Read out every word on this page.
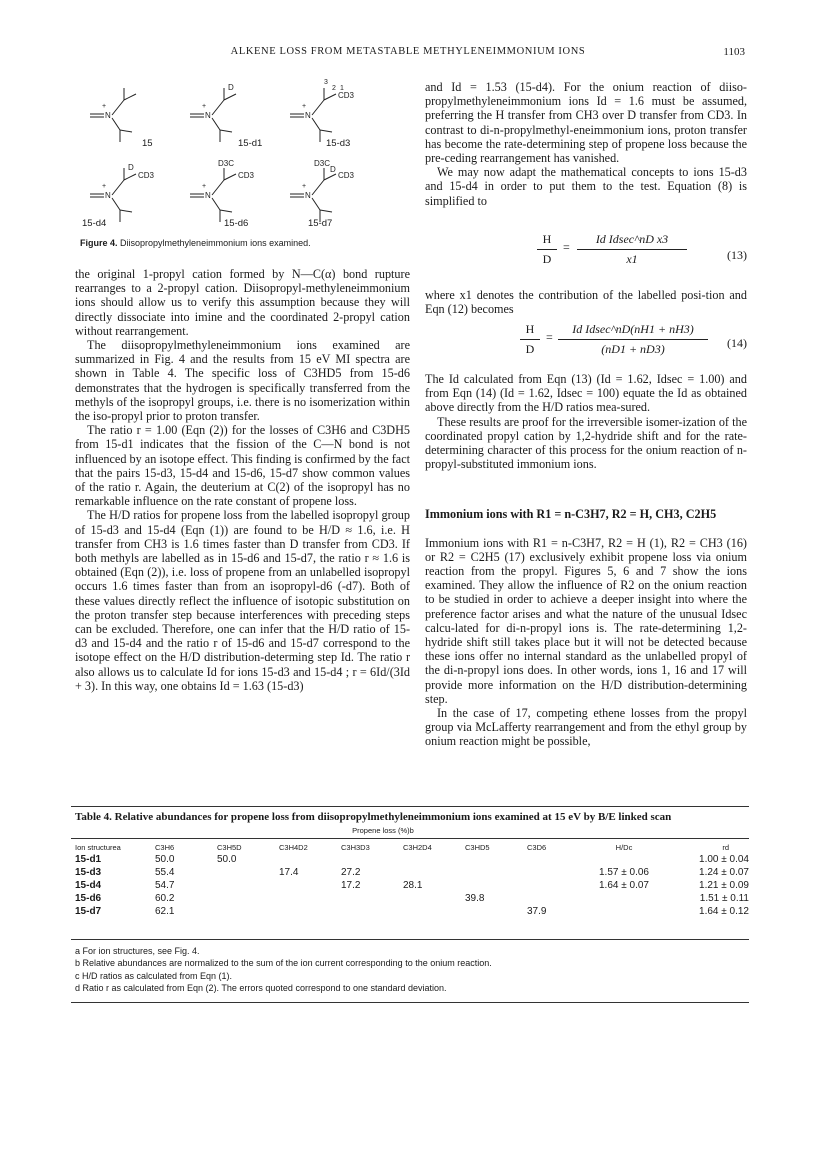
ALKENE LOSS FROM METASTABLE METHYLENEIMMONIUM IONS	1103
N	N	N
N	N	N
+	+	+
+	+	+
D
CD3
3
2 1
D
CD3
D3C
CD3
D3C
D
CD3
15	15-d1	15-d3
15-d4	15-d6	15-d7
Figure 4. Diisopropylmethyleneimmonium ions examined.

the original 1-propyl cation formed by N—C(α) bond rupture rearranges to a 2-propyl cation. Diisopropyl-methyleneimmonium ions should allow us to verify this assumption because they will directly dissociate into imine and the coordinated 2-propyl cation without rearrangement.

The diisopropylmethyleneimmonium ions examined are summarized in Fig. 4 and the results from 15 eV MI spectra are shown in Table 4. The specific loss of C3HD5 from 15-d6 demonstrates that the hydrogen is specifically transferred from the methyls of the isopropyl groups, i.e. there is no isomerization within the iso-propyl prior to proton transfer.

The ratio r = 1.00 (Eqn (2)) for the losses of C3H6 and C3DH5 from 15-d1 indicates that the fission of the C—N bond is not influenced by an isotope effect. This finding is confirmed by the fact that the pairs 15-d3, 15-d4 and 15-d6, 15-d7 show common values of the ratio r. Again, the deuterium at C(2) of the isopropyl has no remarkable influence on the rate constant of propene loss.

The H/D ratios for propene loss from the labelled isopropyl group of 15-d3 and 15-d4 (Eqn (1)) are found to be H/D ≈ 1.6, i.e. H transfer from CH3 is 1.6 times faster than D transfer from CD3. If both methyls are labelled as in 15-d6 and 15-d7, the ratio r ≈ 1.6 is obtained (Eqn (2)), i.e. loss of propene from an unlabelled isopropyl occurs 1.6 times faster than from an isopropyl-d6 (-d7). Both of these values directly reflect the influence of isotopic substitution on the proton transfer step because interferences with preceding steps can be excluded. Therefore, one can infer that the H/D ratio of 15-d3 and 15-d4 and the ratio r of 15-d6 and 15-d7 correspond to the isotope effect on the H/D distribution-determing step Id. The ratio r also allows us to calculate Id for ions 15-d3 and 15-d4 ; r = 6Id/(3Id + 3). In this way, one obtains Id = 1.63 (15-d3)

and Id = 1.53 (15-d4). For the onium reaction of diiso-propylmethyleneimmonium ions Id = 1.6 must be assumed, preferring the H transfer from CH3 over D transfer from CD3. In contrast to di-n-propylmethyl-eneimmonium ions, proton transfer has become the rate-determining step of propene loss because the pre-ceding rearrangement has vanished.

We may now adapt the mathematical concepts to ions 15-d3 and 15-d4 in order to put them to the test. Equation (8) is simplified to

$\frac{H}{D}$ =
Id Idsec^nD x3
x1	(13)

where x1 denotes the contribution of the labelled posi-tion and Eqn (12) becomes

$\frac{H}{D}$ =
Id Idsec^nD(nH1 + nH3)
(nD1 + nD3)	(14)

The Id calculated from Eqn (13) (Id = 1.62, Idsec = 1.00) and from Eqn (14) (Id = 1.62, Idsec = 100) equate the Id as obtained above directly from the H/D ratios mea-sured.

These results are proof for the irreversible isomer-ization of the coordinated propyl cation by 1,2-hydride shift and for the rate-determining character of this process for the onium reaction of n-propyl-substituted immonium ions.

Immonium ions with R1 = n-C3H7, R2 = H, CH3, C2H5

Immonium ions with R1 = n-C3H7, R2 = H (1), R2 = CH3 (16) or R2 = C2H5 (17) exclusively exhibit propene loss via onium reaction from the propyl. Figures 5, 6 and 7 show the ions examined. They allow the influence of R2 on the onium reaction to be studied in order to achieve a deeper insight into where the preference factor arises and what the nature of the unusual Idsec calcu-lated for di-n-propyl ions is. The rate-determining 1,2-hydride shift still takes place but it will not be detected because these ions offer no internal standard as the unlabelled propyl of the di-n-propyl ions does. In other words, ions 1, 16 and 17 will provide more information on the H/D distribution-determining step.

In the case of 17, competing ethene losses from the propyl group via McLafferty rearrangement and from the ethyl group by onium reaction might be possible,

Table 4. Relative abundances for propene loss from diisopropylmethyleneimmonium ions examined at 15 eV by B/E linked scan
Propene loss (%)b
Ion structurea	C3H6	C3H5D	C3H4D2	C3H3D3	C3H2D4	C3HD5	C3D6	H/Dc	rd
15-d1	50.0	50.0							1.00 ± 0.04
15-d3	55.4		17.4	27.2				1.57 ± 0.06	1.24 ± 0.07
15-d4	54.7			17.2	28.1			1.64 ± 0.07	1.21 ± 0.09
15-d6	60.2					39.8			1.51 ± 0.11
15-d7	62.1						37.9		1.64 ± 0.12
a For ion structures, see Fig. 4.
b Relative abundances are normalized to the sum of the ion current corresponding to the onium reaction.
c H/D ratios as calculated from Eqn (1).
d Ratio r as calculated from Eqn (2). The errors quoted correspond to one standard deviation.
